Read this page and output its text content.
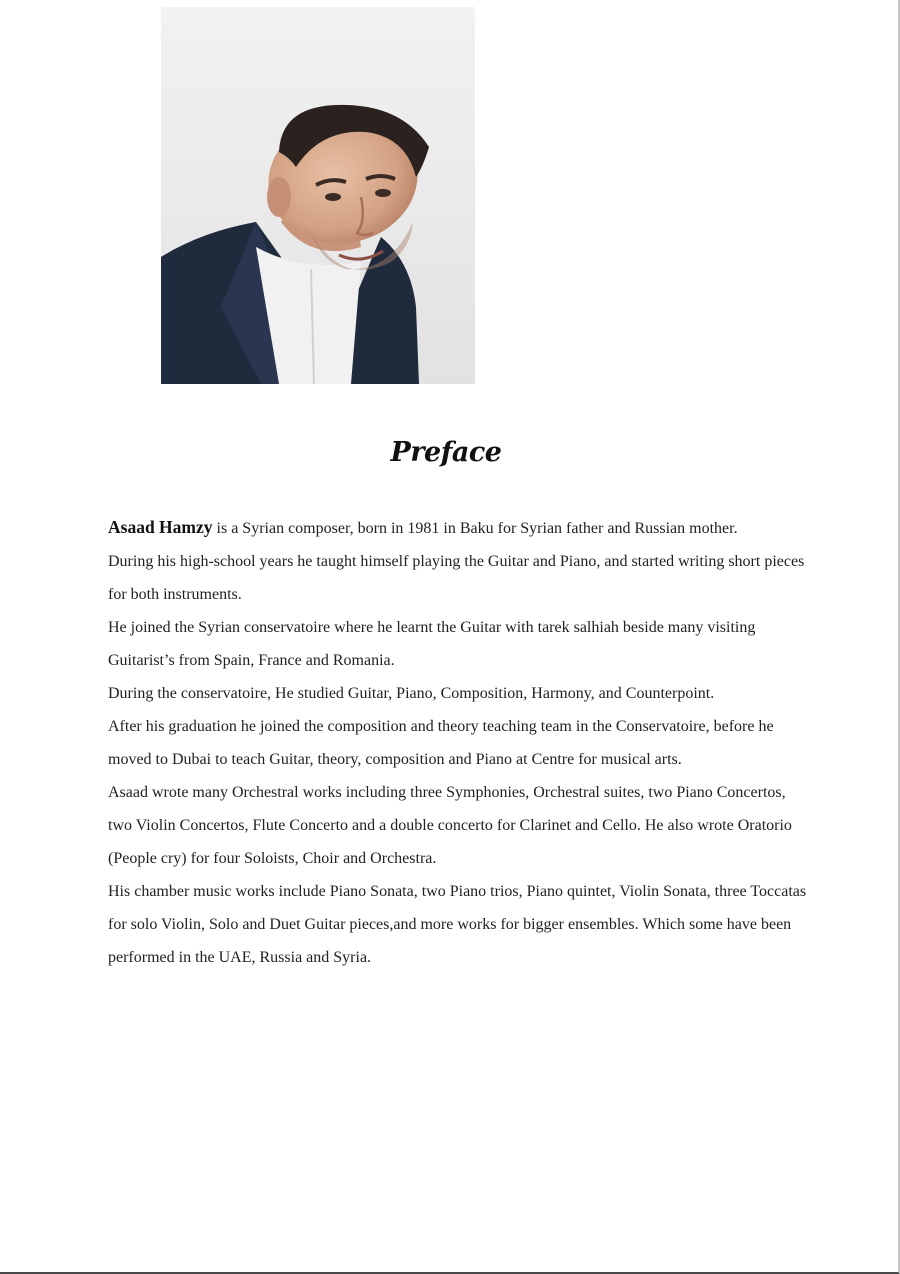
Preface

Asaad Hamzy is a Syrian composer, born in 1981 in Baku for Syrian father and Russian mother.

During his high-school years he taught himself playing the Guitar and Piano, and started writing short pieces for both instruments.

He joined the Syrian conservatoire where he learnt the Guitar with tarek salhiah beside many visiting Guitarist’s from Spain, France and Romania.

During the conservatoire, He studied Guitar, Piano, Composition, Harmony, and Counterpoint.

After his graduation he joined the composition and theory teaching team in the Conservatoire, before he moved to Dubai to teach Guitar, theory, composition and Piano at Centre for musical arts.

Asaad wrote many Orchestral works including three Symphonies, Orchestral suites, two Piano Concertos, two Violin Concertos, Flute Concerto and a double concerto for Clarinet and Cello. He also wrote Oratorio (People cry) for four Soloists, Choir and Orchestra.

His chamber music works include Piano Sonata, two Piano trios, Piano quintet, Violin Sonata, three Toccatas for solo Violin, Solo and Duet Guitar pieces,and more works for bigger ensembles. Which some have been performed in the UAE, Russia and Syria.
